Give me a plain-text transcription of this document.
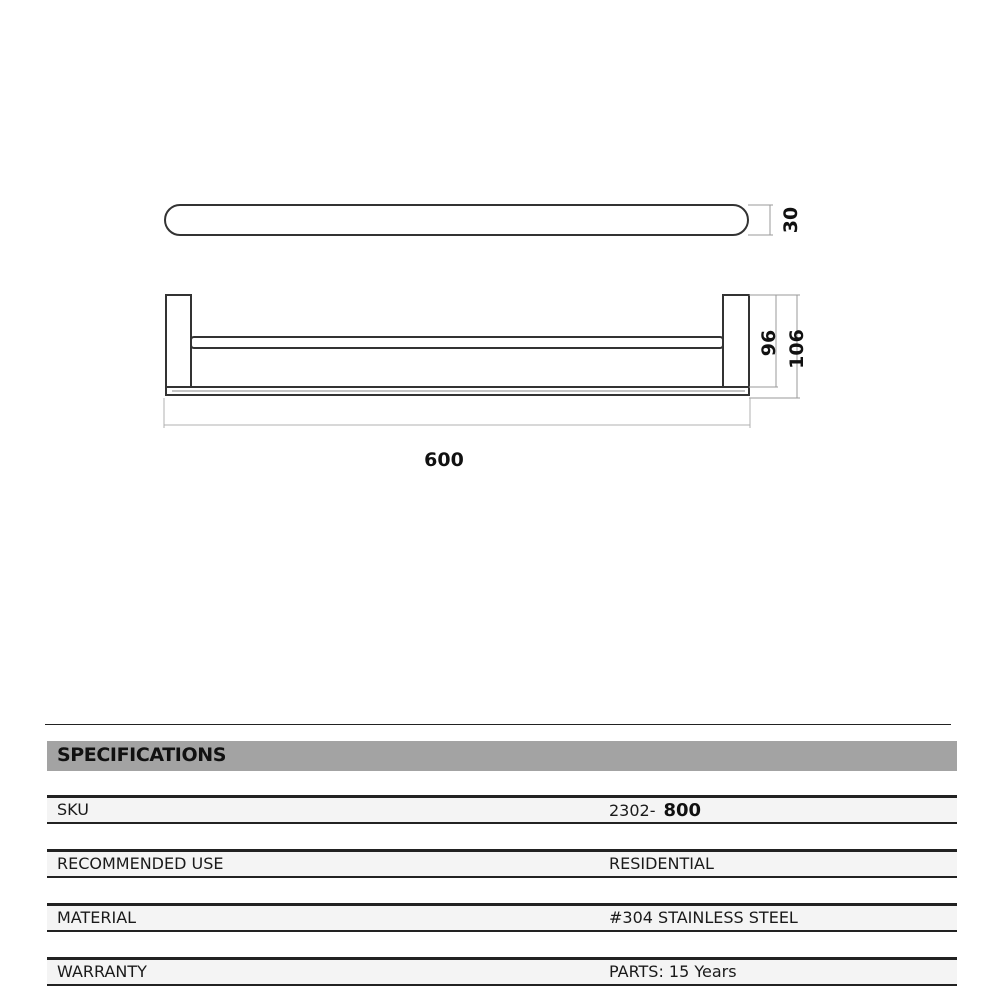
30
96 106
600
SPECIFICATIONS
SKU	2302- 800
RECOMMENDED USE	RESIDENTIAL
MATERIAL	#304 STAINLESS STEEL
WARRANTY	PARTS: 15 Years
